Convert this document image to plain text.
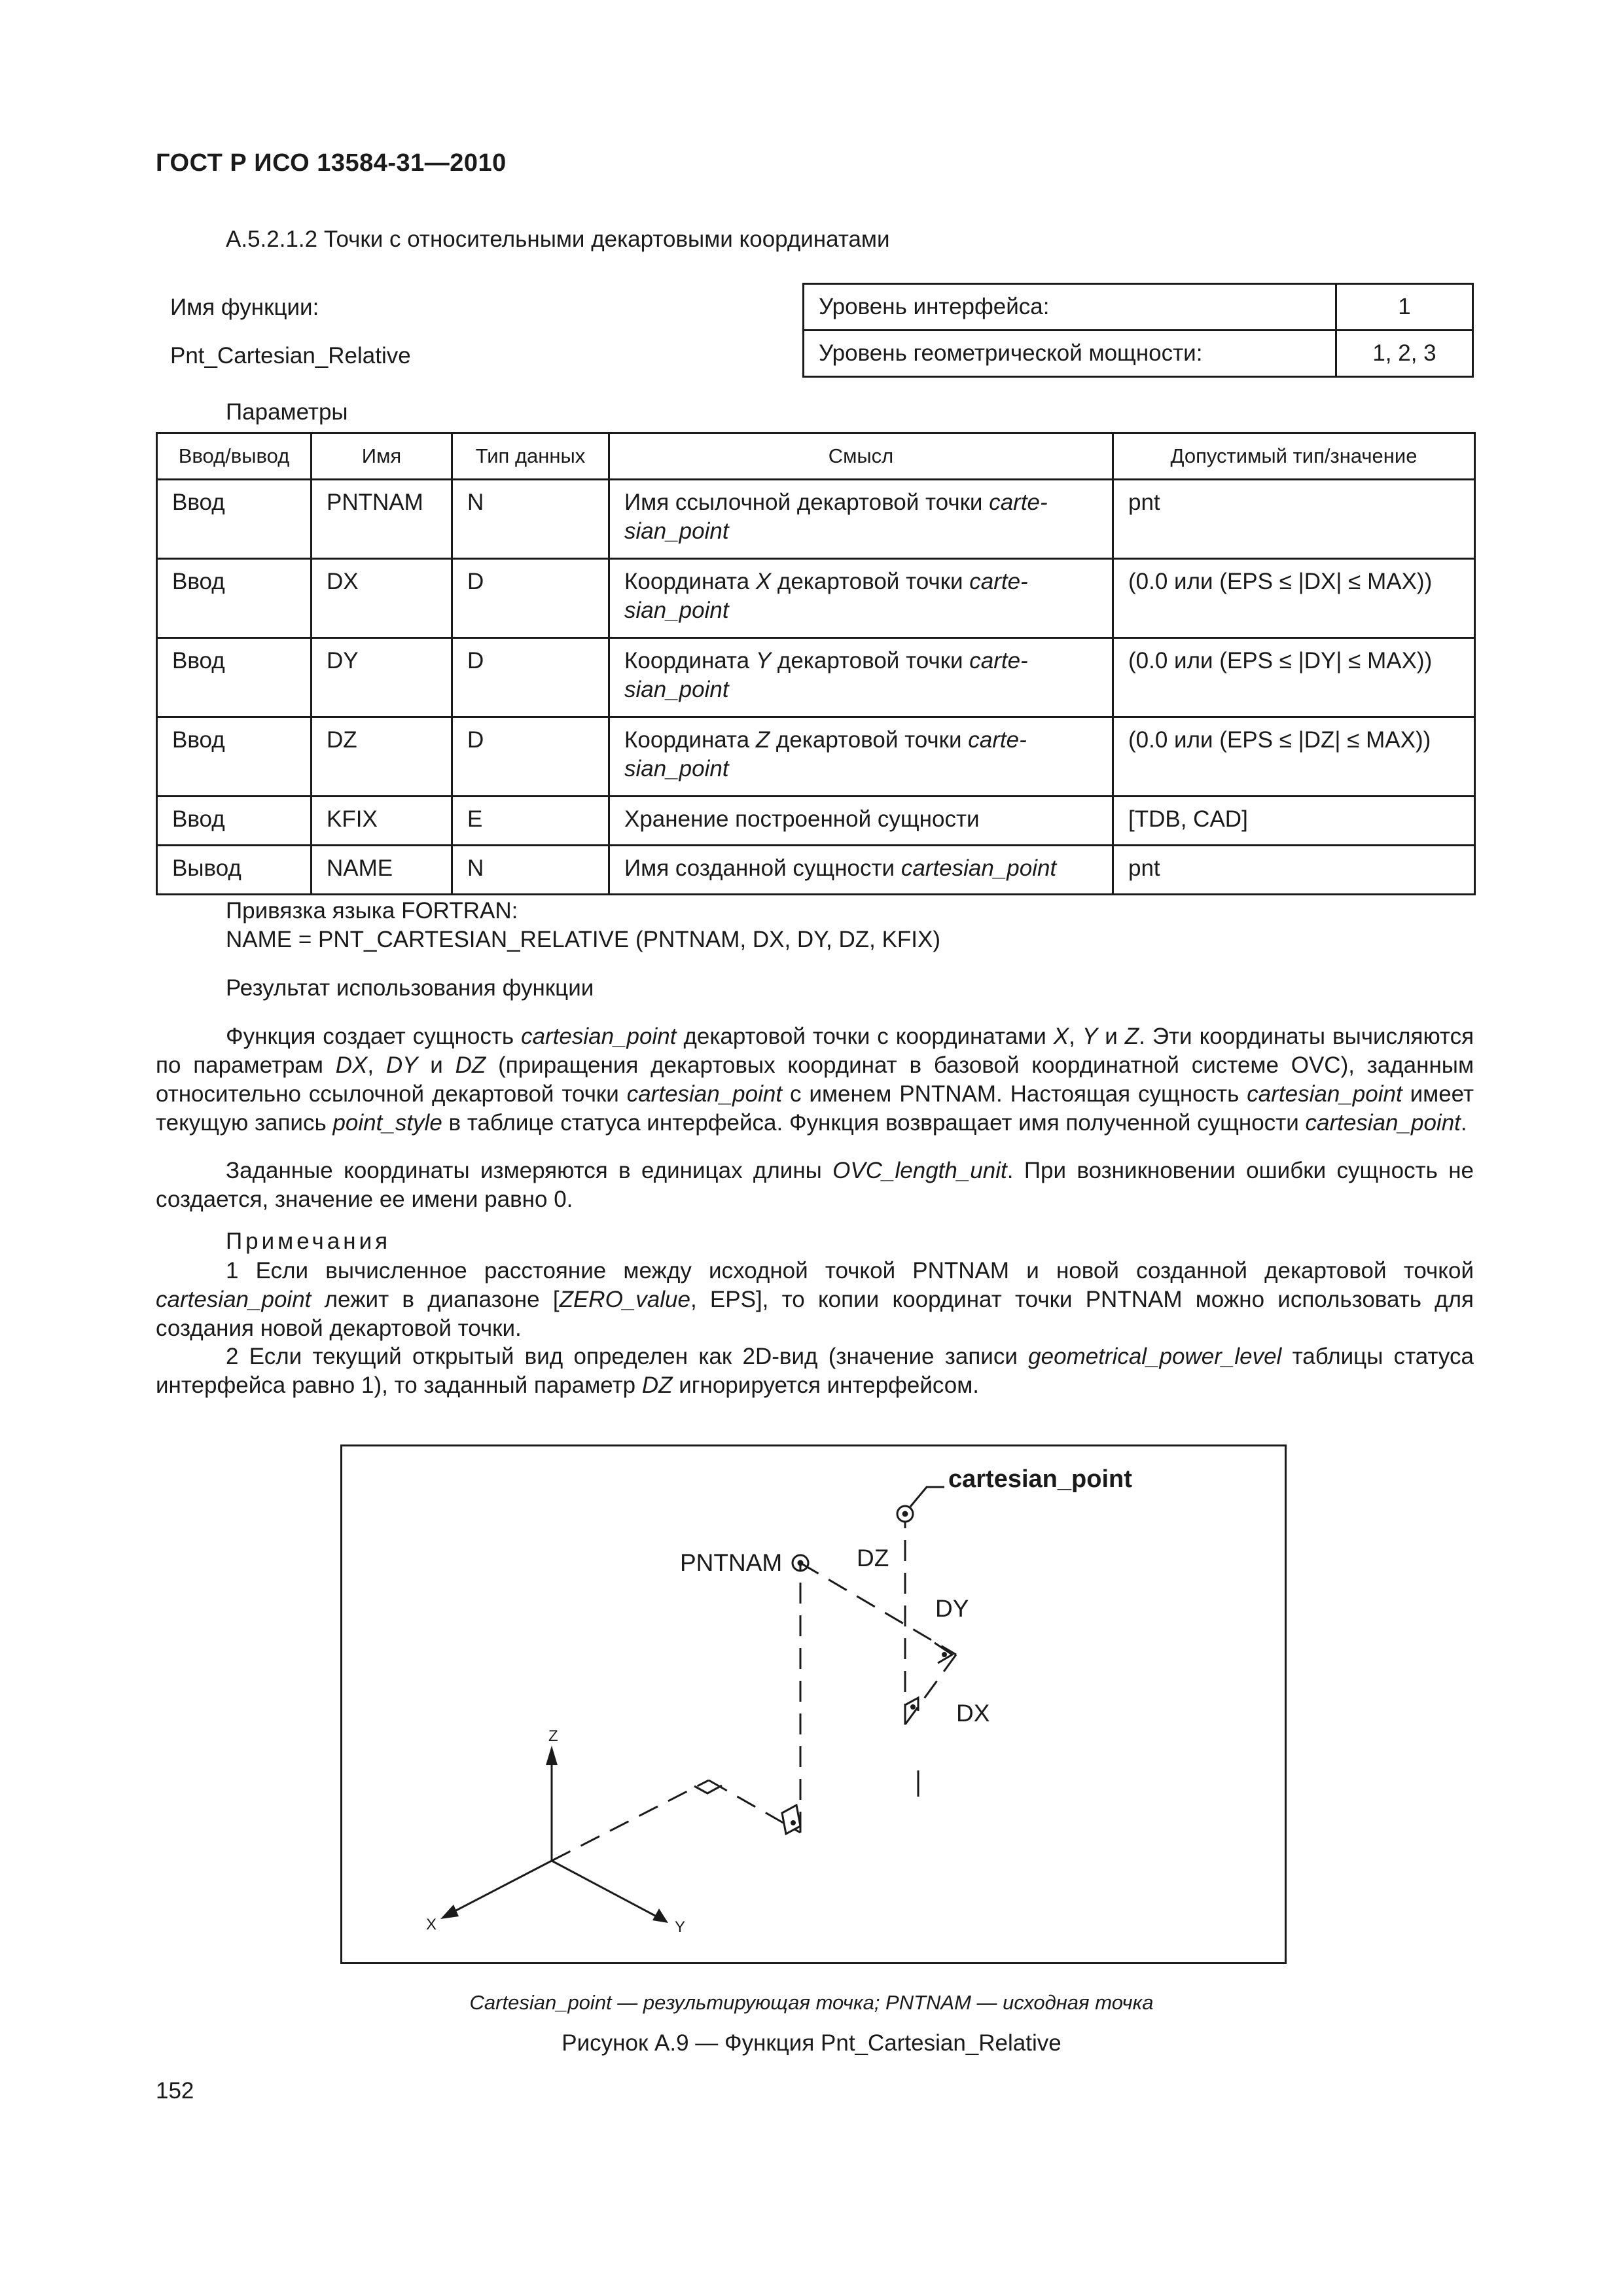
ГОСТ Р ИСО 13584-31—2010
А.5.2.1.2 Точки с относительными декартовыми координатами
Имя функции:
Pnt_Cartesian_Relative
Уровень интерфейса:	1
Уровень геометрической мощности:	1, 2, 3
Параметры
Ввод/вывод	Имя	Тип данных	Смысл	Допустимый тип/значение
Ввод	PNTNAM	N	Имя ссылочной декартовой точки carte-sian_point	pnt
Ввод	DX	D	Координата X декартовой точки carte-sian_point	(0.0 или (EPS ≤ |DX| ≤ MAX))
Ввод	DY	D	Координата Y декартовой точки carte-sian_point	(0.0 или (EPS ≤ |DY| ≤ MAX))
Ввод	DZ	D	Координата Z декартовой точки carte-sian_point	(0.0 или (EPS ≤ |DZ| ≤ MAX))
Ввод	KFIX	E	Хранение построенной сущности	[TDB, CAD]
Вывод	NAME	N	Имя созданной сущности cartesian_point	pnt
Привязка языка FORTRAN:
NAME = PNT_CARTESIAN_RELATIVE (PNTNAM, DX, DY, DZ, KFIX)
Результат использования функции
Функция создает сущность cartesian_point декартовой точки с координатами X, Y и Z. Эти координаты вычисляются по параметрам DX, DY и DZ (приращения декартовых координат в базовой координатной системе OVC), заданным относительно ссылочной декартовой точки cartesian_point с именем PNTNAM. Настоящая сущность cartesian_point имеет текущую запись point_style в таблице статуса интерфейса. Функция возвращает имя полученной сущности cartesian_point.
Заданные координаты измеряются в единицах длины OVC_length_unit. При возникновении ошибки сущность не создается, значение ее имени равно 0.
Примечания
1 Если вычисленное расстояние между исходной точкой PNTNAM и новой созданной декартовой точкой cartesian_point лежит в диапазоне [ZERO_value, EPS], то копии координат точки PNTNAM можно использовать для создания новой декартовой точки.
2 Если текущий открытый вид определен как 2D-вид (значение записи geometrical_power_level таблицы статуса интерфейса равно 1), то заданный параметр DZ игнорируется интерфейсом.
Z
X	Y
cartesian_point
PNTNAM	DZ
DY
DX
Cartesian_point — результирующая точка; PNTNAM — исходная точка
Рисунок А.9 — Функция Pnt_Cartesian_Relative
152
